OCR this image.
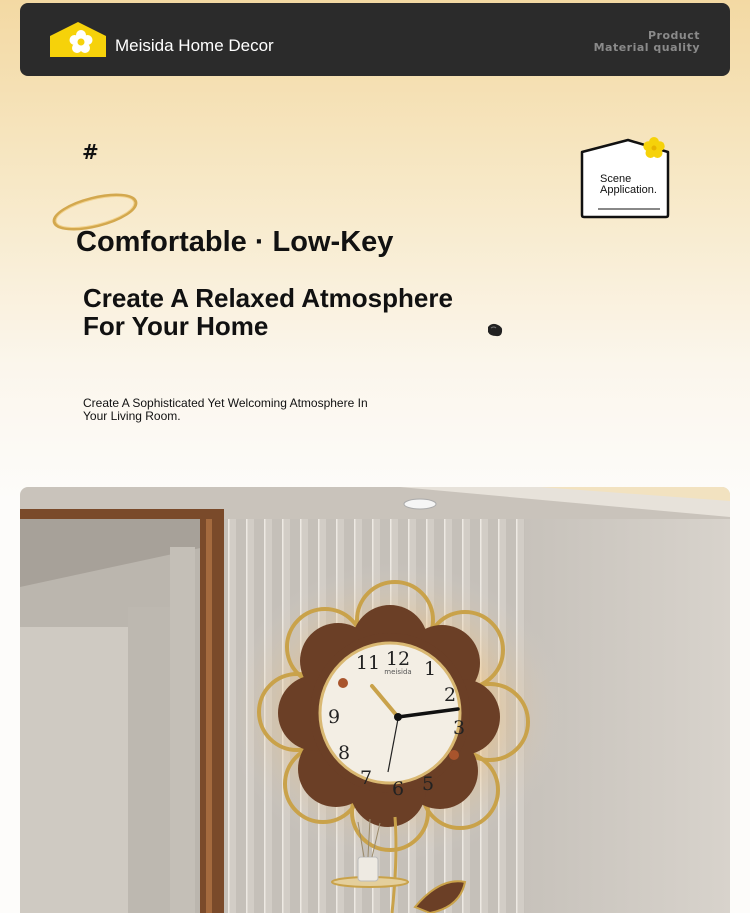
Meisida Home Decor
Product
Material quality
#
Comfortable · Low-Key
Create A Relaxed Atmosphere
For Your Home
Create A Sophisticated Yet Welcoming Atmosphere In Your Living Room.
Scene
Application.
12 1
2
3
5
6
7
8
9
11 meisida
